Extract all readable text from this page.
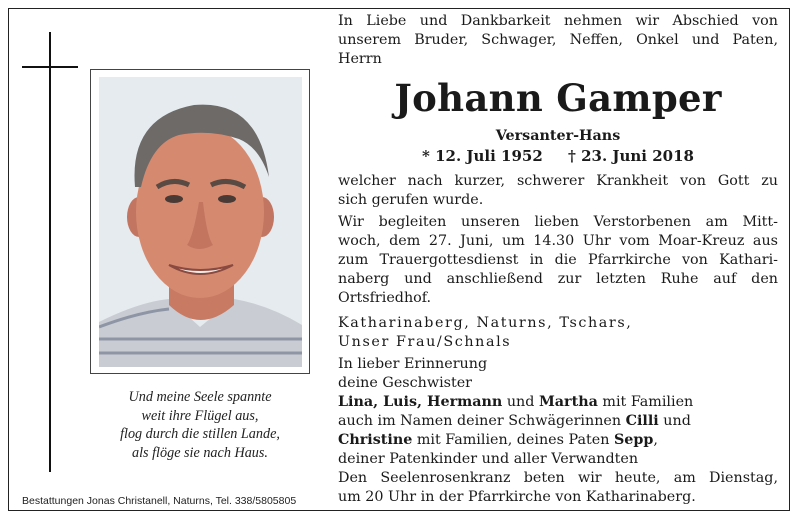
Und meine Seele spannte
weit ihre Flügel aus,
flog durch die stillen Lande,
als flöge sie nach Haus.
Bestattungen Jonas Christanell, Naturns, Tel. 338/5805805
In Liebe und Dankbarkeit nehmen wir Abschied von
unserem Bruder, Schwager, Neffen, Onkel und Paten,
Herrn
Johann Gamper
Versanter-Hans
* 12. Juli 1952 † 23. Juni 2018
welcher nach kurzer, schwerer Krankheit von Gott zu
sich gerufen wurde.
Wir begleiten unseren lieben Verstorbenen am Mitt-
woch, dem 27. Juni, um 14.30 Uhr vom Moar-Kreuz aus
zum Trauergottesdienst in die Pfarrkirche von Kathari-
naberg und anschließend zur letzten Ruhe auf den
Ortsfriedhof.
Katharinaberg, Naturns, Tschars,
Unser Frau/Schnals
In lieber Erinnerung
deine Geschwister
Lina, Luis, Hermann und Martha mit Familien
auch im Namen deiner Schwägerinnen Cilli und
Christine mit Familien, deines Paten Sepp,
deiner Patenkinder und aller Verwandten
Den Seelenrosenkranz beten wir heute, am Dienstag,
um 20 Uhr in der Pfarrkirche von Katharinaberg.
